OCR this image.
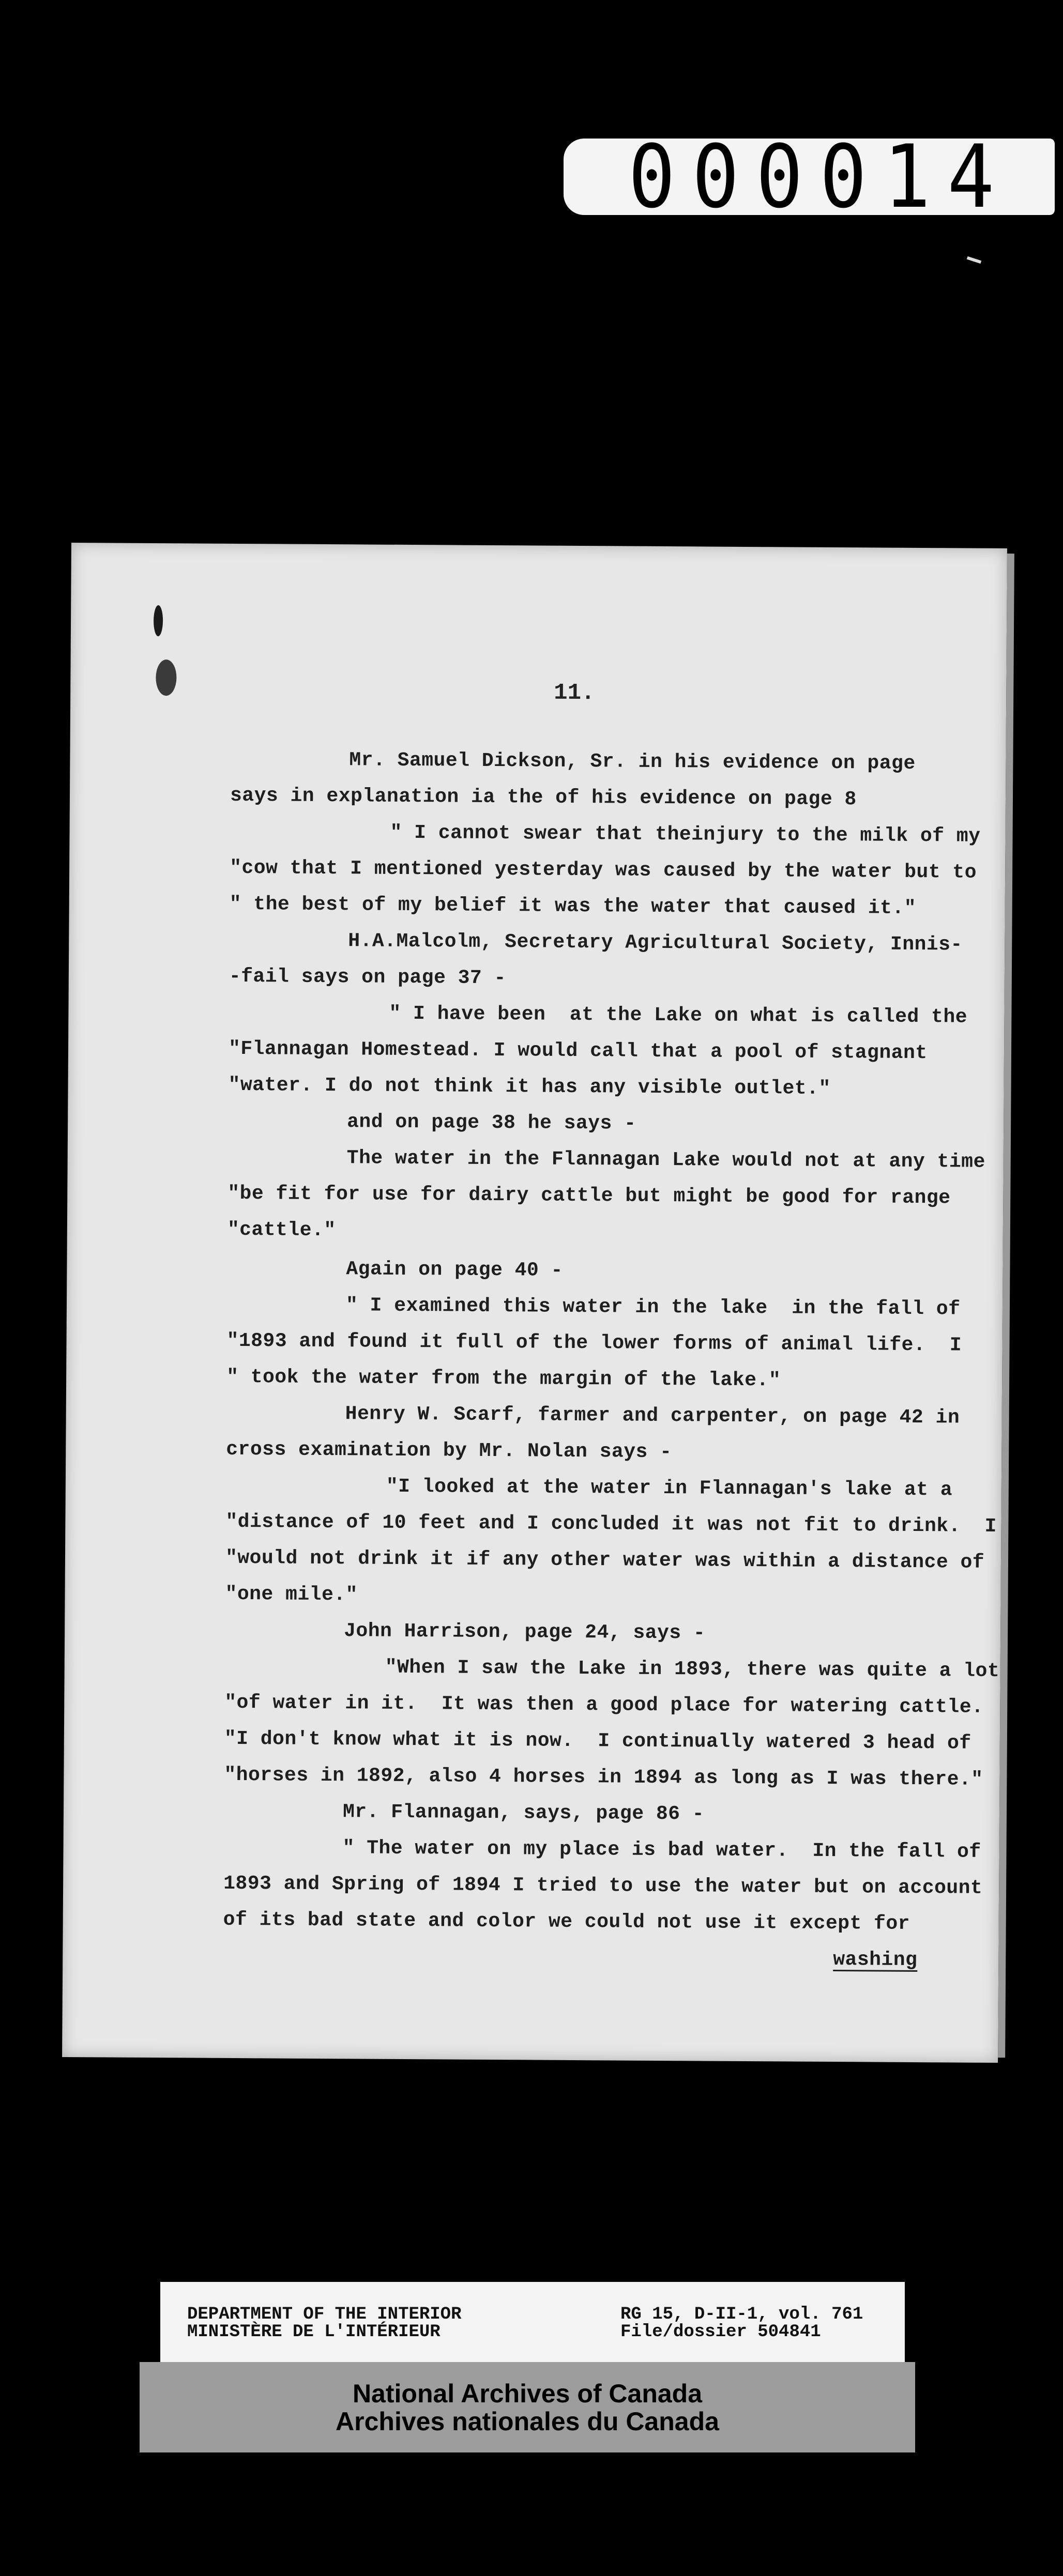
000014
11.
Mr. Samuel Dickson, Sr. in his evidence on page
says in explanation ia the of his evidence on page 8
" I cannot swear that theinjury to the milk of my
"cow that I mentioned yesterday was caused by the water but to
" the best of my belief it was the water that caused it."
H.A.Malcolm, Secretary Agricultural Society, Innis-
-fail says on page 37 -
" I have been  at the Lake on what is called the
"Flannagan Homestead. I would call that a pool of stagnant
"water. I do not think it has any visible outlet."
and on page 38 he says -
The water in the Flannagan Lake would not at any time
"be fit for use for dairy cattle but might be good for range
"cattle."
Again on page 40 -
" I examined this water in the lake  in the fall of
"1893 and found it full of the lower forms of animal life.  I
" took the water from the margin of the lake."
Henry W. Scarf, farmer and carpenter, on page 42 in
cross examination by Mr. Nolan says -
"I looked at the water in Flannagan's lake at a
"distance of 10 feet and I concluded it was not fit to drink.  I
"would not drink it if any other water was within a distance of
"one mile."
John Harrison, page 24, says -
"When I saw the Lake in 1893, there was quite a lot
"of water in it.  It was then a good place for watering cattle.
"I don't know what it is now.  I continually watered 3 head of
"horses in 1892, also 4 horses in 1894 as long as I was there."
Mr. Flannagan, says, page 86 -
" The water on my place is bad water.  In the fall of
1893 and Spring of 1894 I tried to use the water but on account
of its bad state and color we could not use it except for
washing
DEPARTMENT OF THE INTERIOR
MINISTÈRE DE L'INTÉRIEUR
RG 15, D-II-1, vol. 761
File/dossier 504841
National Archives of Canada
Archives nationales du Canada
